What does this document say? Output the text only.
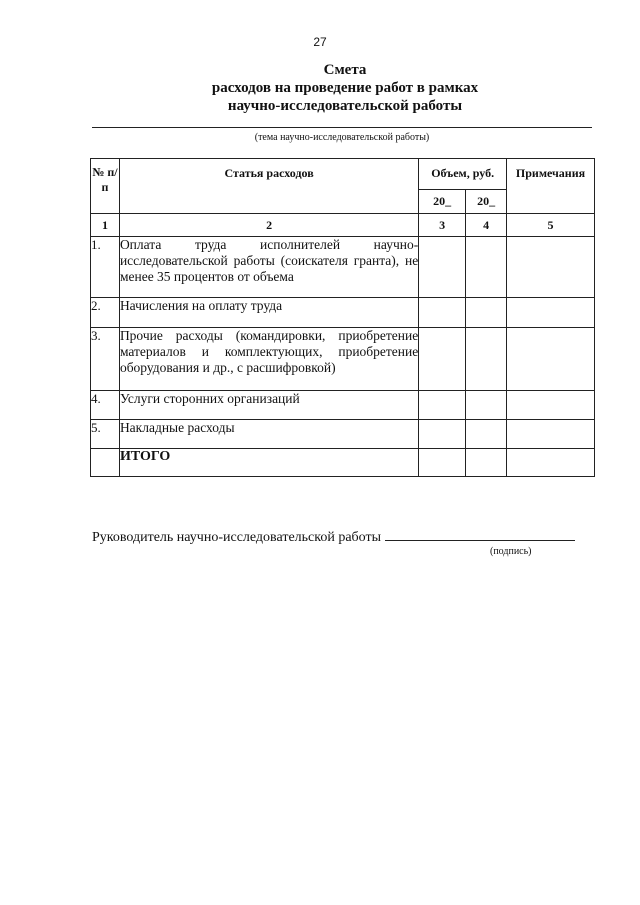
27
Смета
расходов на проведение работ в рамках
научно-исследовательской работы
(тема научно-исследовательской работы)
№ п/п	Статья расходов	Объем, руб.		Примечания
		20_	20_	
1	2	3	4	5
1.	Оплата труда исполнителей научно-исследовательской работы (соискателя гранта), не менее 35 процентов от объема			
2.	Начисления на оплату труда			
3.	Прочие расходы (командировки, приобретение материалов и комплектующих, приобретение оборудования и др., с расшифровкой)			
4.	Услуги сторонних организаций			
5.	Накладные расходы			
	ИТОГО			
Руководитель научно-исследовательской работы
(подпись)
